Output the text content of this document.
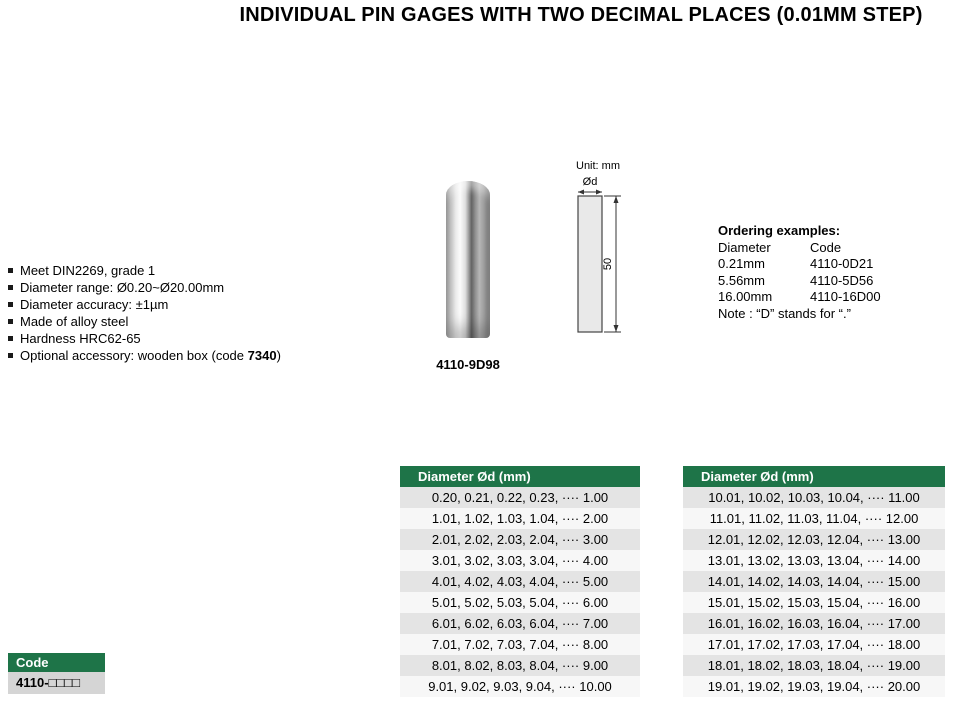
INDIVIDUAL PIN GAGES WITH TWO DECIMAL PLACES (0.01MM STEP)
Meet DIN2269, grade 1
Diameter range: Ø0.20~Ø20.00mm
Diameter accuracy: ±1µm
Made of alloy steel
Hardness HRC62-65
Optional accessory: wooden box (code 7340 )
4110-9D98
Unit: mm
Ød
50
Ordering examples:
Diameter	Code
0.21mm	4110-0D21
5.56mm	4110-5D56
16.00mm	4110-16D00
Note : “D” stands for “.”
Code
4110-□□□□
Diameter Ød (mm)
0.20, 0.21, 0.22, 0.23, ···· 1.00
1.01, 1.02, 1.03, 1.04, ···· 2.00
2.01, 2.02, 2.03, 2.04, ···· 3.00
3.01, 3.02, 3.03, 3.04, ···· 4.00
4.01, 4.02, 4.03, 4.04, ···· 5.00
5.01, 5.02, 5.03, 5.04, ···· 6.00
6.01, 6.02, 6.03, 6.04, ···· 7.00
7.01, 7.02, 7.03, 7.04, ···· 8.00
8.01, 8.02, 8.03, 8.04, ···· 9.00
9.01, 9.02, 9.03, 9.04, ···· 10.00
Diameter Ød (mm)
10.01, 10.02, 10.03, 10.04, ···· 11.00
11.01, 11.02, 11.03, 11.04, ···· 12.00
12.01, 12.02, 12.03, 12.04, ···· 13.00
13.01, 13.02, 13.03, 13.04, ···· 14.00
14.01, 14.02, 14.03, 14.04, ···· 15.00
15.01, 15.02, 15.03, 15.04, ···· 16.00
16.01, 16.02, 16.03, 16.04, ···· 17.00
17.01, 17.02, 17.03, 17.04, ···· 18.00
18.01, 18.02, 18.03, 18.04, ···· 19.00
19.01, 19.02, 19.03, 19.04, ···· 20.00
